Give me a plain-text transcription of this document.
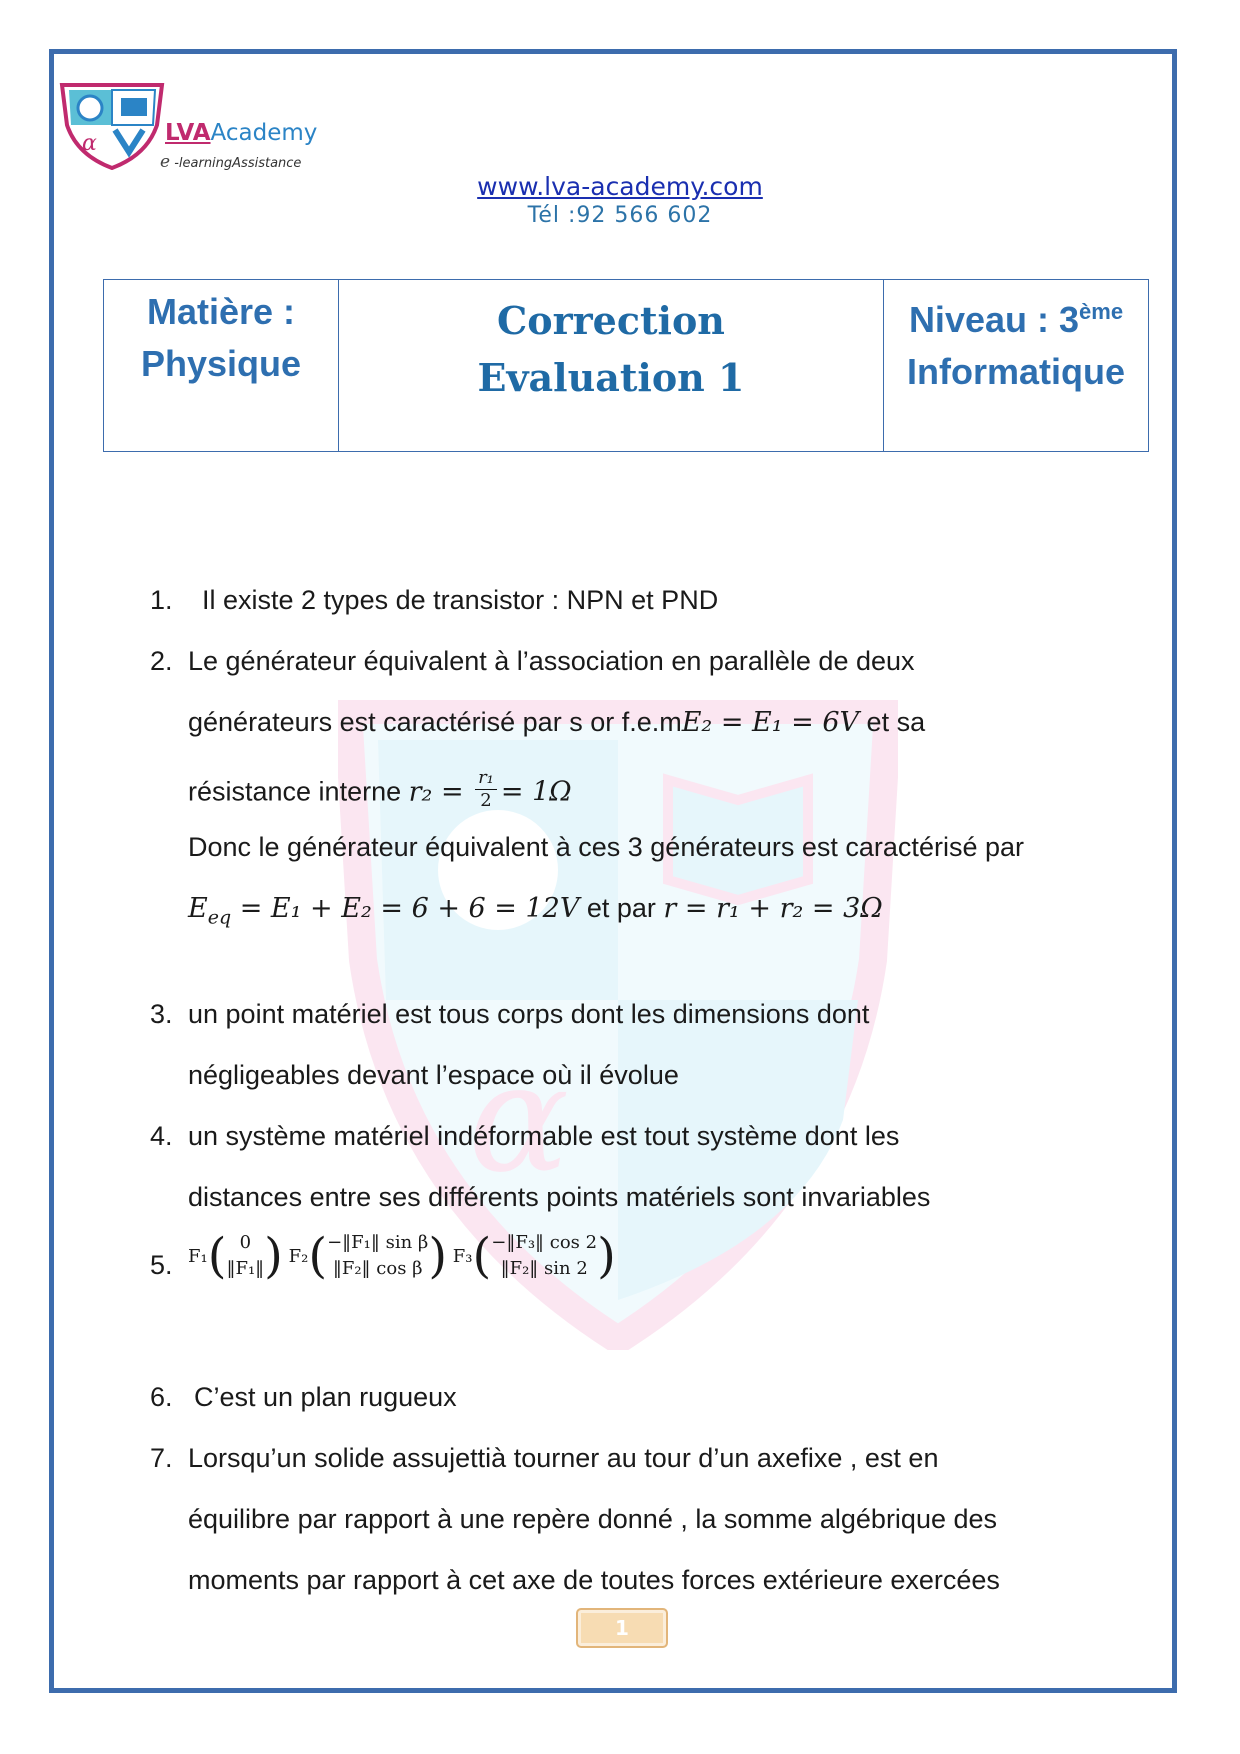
α	LVAAcademy
e -learningAssistance
www.lva-academy.com
Tél :92 566 602
Matière :
Physique

Correction
Evaluation 1

Niveau : 3ème
Informatique
α
1. Il existe 2 types de transistor : NPN et PND
2. Le générateur équivalent à l’association en parallèle de deux
générateurs est caractérisé par s or f.e.mE₂ = E₁ = 6V et sa
résistance interne $r_2 = \frac{\text{r₁}}{2} = 1\Omega$
Donc le générateur équivalent à ces 3 générateurs est caractérisé par
$E_{eq} = E_1 + E_2 = 6 + 6 = 12V$ et par r = r₁ + r₂ = 3Ω
3. un point matériel est tous corps dont les dimensions dont
négligeables devant l’espace où il évolue
4. un système matériel indéformable est tout système dont les
distances entre ses différents points matériels sont invariables
5. F₁( 0
‖F₁‖ ) F₂( −‖F₁‖ sin β
‖F₂‖ cos β ) F₃( −‖F₃‖ cos 2
‖F₂‖ sin 2 )
6. C’est un plan rugueux
7. Lorsqu’un solide assujettià tourner au tour d’un axefixe , est en
équilibre par rapport à une repère donné , la somme algébrique des
moments par rapport à cet axe de toutes forces extérieure exercées
1
